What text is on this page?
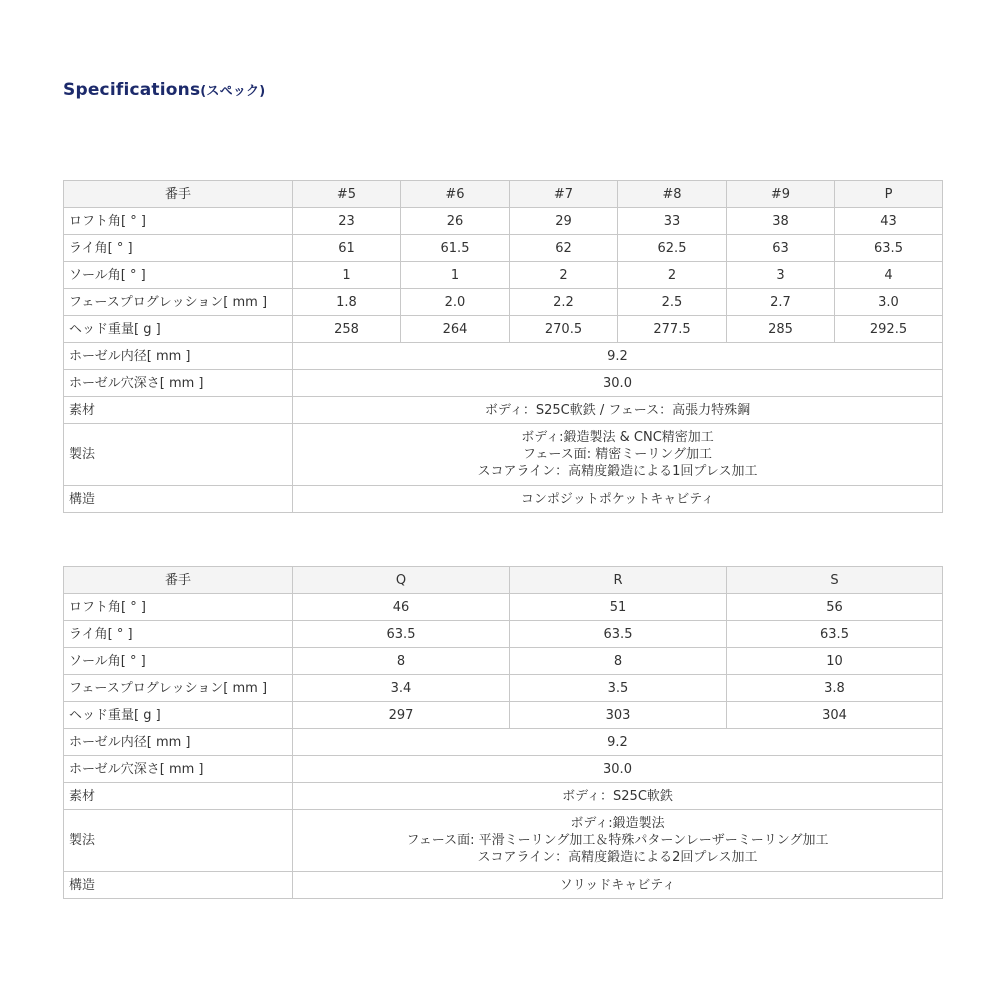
Specifications(スペック)
番手	#5	#6	#7	#8	#9	P
ロフト角[ ° ]	23	26	29	33	38	43
ライ角[ ° ]	61	61.5	62	62.5	63	63.5
ソール角[ ° ]	1	1	2	2	3	4
フェースプログレッション[ mm ]	1.8	2.0	2.2	2.5	2.7	3.0
ヘッド重量[ g ]	258	264	270.5	277.5	285	292.5
ホーゼル内径[ mm ]	9.2					
ホーゼル穴深さ[ mm ]	30.0					
素材	ボディ：S25C軟鉄 / フェース：高張力特殊鋼					
製法	ボディ:鍛造製法 & CNC精密加工
フェース面: 精密ミーリング加工
スコアライン：高精度鍛造による1回プレス加工					

構造	コンポジットポケットキャビティ					
番手	Q	R	S
ロフト角[ ° ]	46	51	56
ライ角[ ° ]	63.5	63.5	63.5
ソール角[ ° ]	8	8	10
フェースプログレッション[ mm ]	3.4	3.5	3.8
ヘッド重量[ g ]	297	303	304
ホーゼル内径[ mm ]	9.2		
ホーゼル穴深さ[ mm ]	30.0		
素材	ボディ：S25C軟鉄		
製法	ボディ:鍛造製法
フェース面: 平滑ミーリング加工＆特殊パターンレーザーミーリング加工
スコアライン：高精度鍛造による2回プレス加工		

構造	ソリッドキャビティ		
